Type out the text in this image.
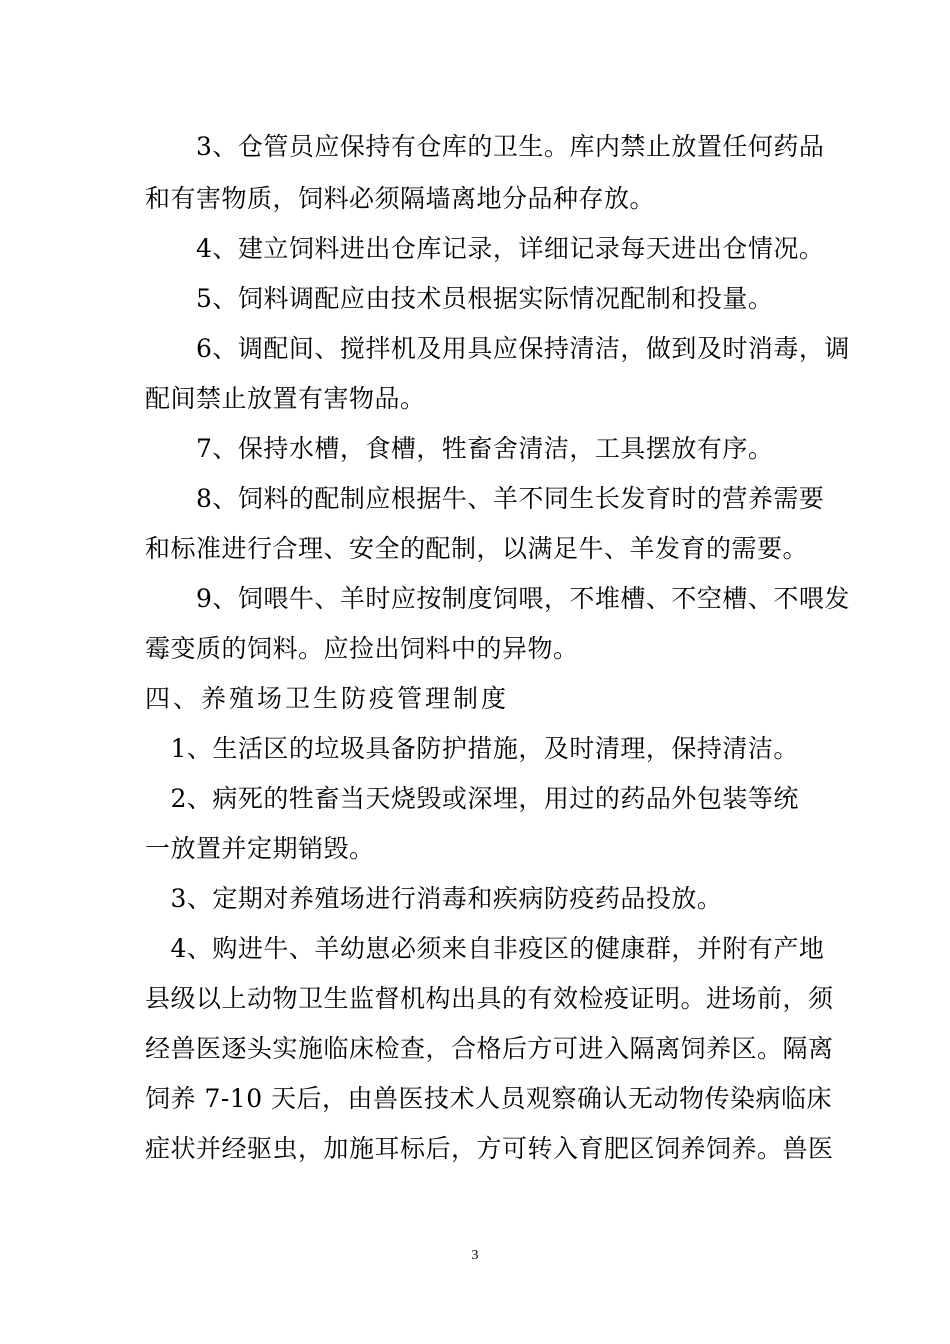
　　3、仓管员应保持有仓库的卫生。库内禁止放置任何药品
和有害物质，饲料必须隔墙离地分品种存放。
　　4、建立饲料进出仓库记录，详细记录每天进出仓情况。
　　5、饲料调配应由技术员根据实际情况配制和投量。
　　6、调配间、搅拌机及用具应保持清洁，做到及时消毒，调
配间禁止放置有害物品。
　　7、保持水槽，食槽，牲畜舍清洁，工具摆放有序。
　　8、饲料的配制应根据牛、羊不同生长发育时的营养需要
和标准进行合理、安全的配制，以满足牛、羊发育的需要。
　　9、饲喂牛、羊时应按制度饲喂，不堆槽、不空槽、不喂发
霉变质的饲料。应捡出饲料中的异物。
四、养殖场卫生防疫管理制度
　1、生活区的垃圾具备防护措施，及时清理，保持清洁。
　2、病死的牲畜当天烧毁或深埋，用过的药品外包装等统
一放置并定期销毁。
　3、定期对养殖场进行消毒和疾病防疫药品投放。
　4、购进牛、羊幼崽必须来自非疫区的健康群，并附有产地
县级以上动物卫生监督机构出具的有效检疫证明。进场前，须
经兽医逐头实施临床检查，合格后方可进入隔离饲养区。隔离
饲养 7-10 天后，由兽医技术人员观察确认无动物传染病临床
症状并经驱虫，加施耳标后，方可转入育肥区饲养饲养。兽医
3
